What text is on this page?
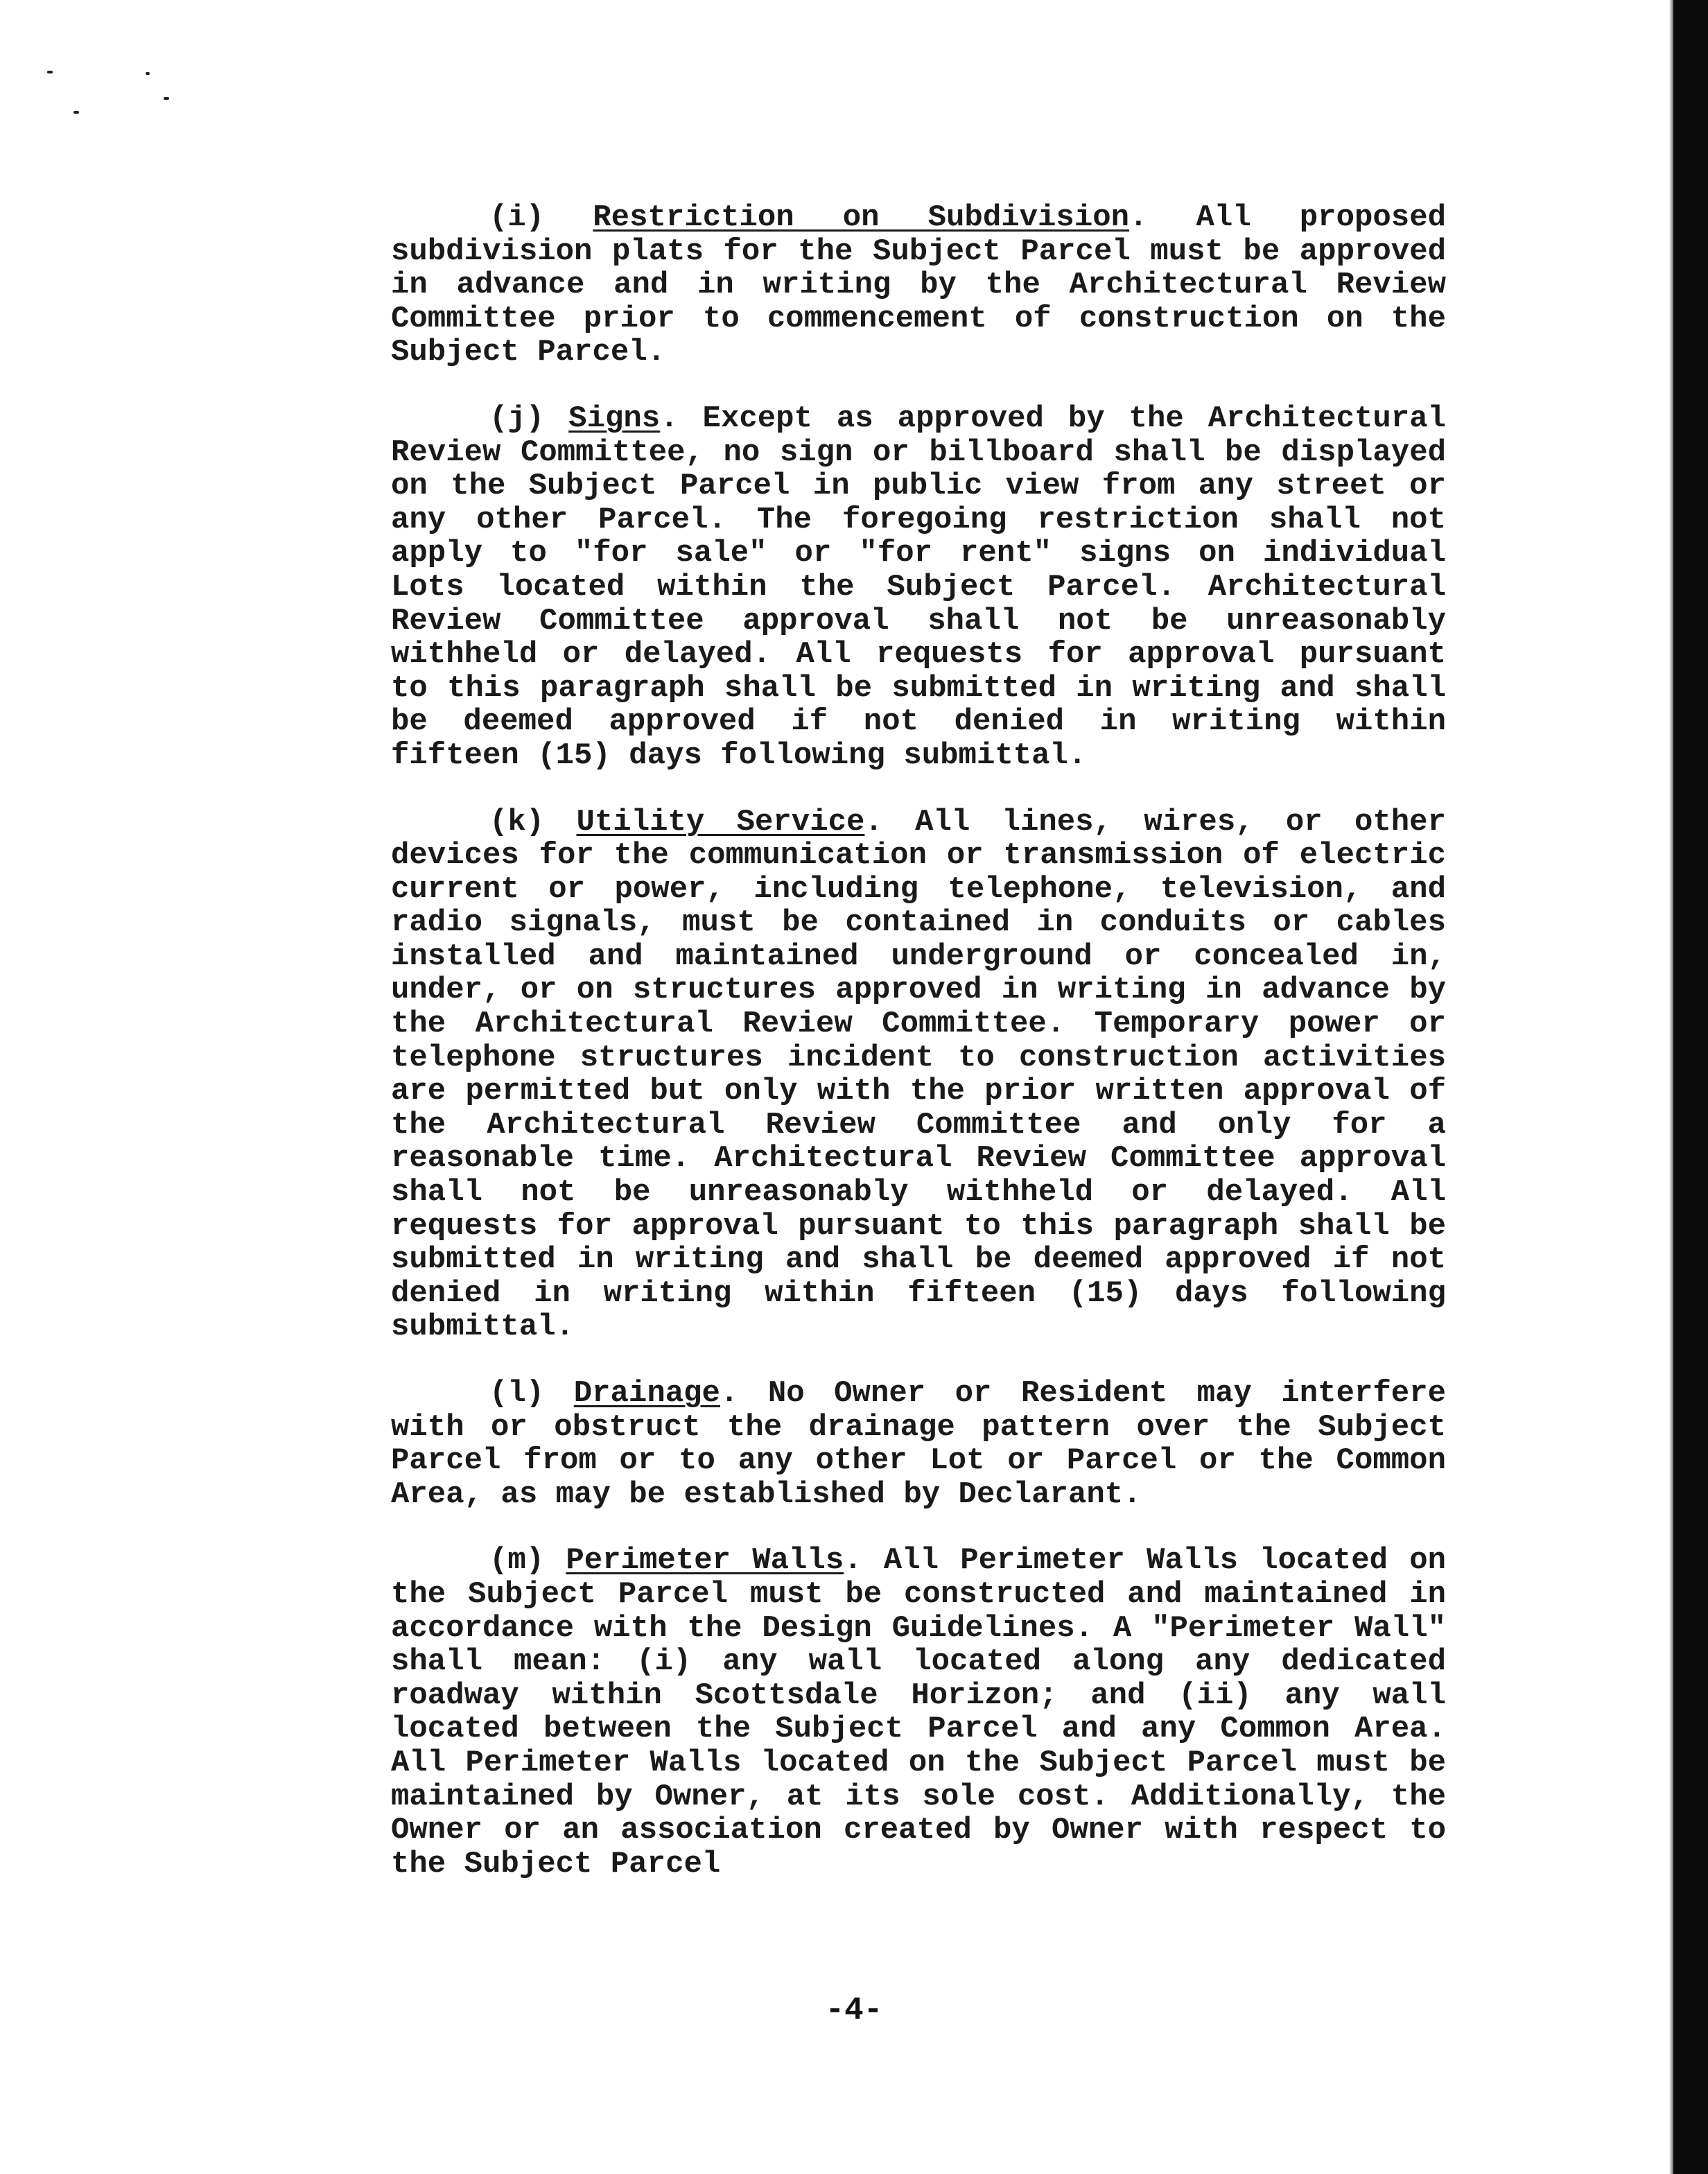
(i) Restriction on Subdivision. All proposed subdivision plats for the Subject Parcel must be approved in advance and in writing by the Architectural Review Committee prior to commencement of construction on the Subject Parcel.

(j) Signs. Except as approved by the Architectural Review Committee, no sign or billboard shall be displayed on the Subject Parcel in public view from any street or any other Parcel. The foregoing restriction shall not apply to "for sale" or "for rent" signs on individual Lots located within the Subject Parcel. Architectural Review Committee approval shall not be unreasonably withheld or delayed. All requests for approval pursuant to this paragraph shall be submitted in writing and shall be deemed approved if not denied in writing within fifteen (15) days following submittal.

(k) Utility Service. All lines, wires, or other devices for the communication or transmission of electric current or power, including telephone, television, and radio signals, must be contained in conduits or cables installed and maintained underground or concealed in, under, or on structures approved in writing in advance by the Architectural Review Committee. Temporary power or telephone structures incident to construction activities are permitted but only with the prior written approval of the Architectural Review Committee and only for a reasonable time. Architectural Review Committee approval shall not be unreasonably withheld or delayed. All requests for approval pursuant to this paragraph shall be submitted in writing and shall be deemed approved if not denied in writing within fifteen (15) days following submittal.

(l) Drainage. No Owner or Resident may interfere with or obstruct the drainage pattern over the Subject Parcel from or to any other Lot or Parcel or the Common Area, as may be established by Declarant.

(m) Perimeter Walls. All Perimeter Walls located on the Subject Parcel must be constructed and maintained in accordance with the Design Guidelines. A "Perimeter Wall" shall mean: (i) any wall located along any dedicated roadway within Scottsdale Horizon; and (ii) any wall located between the Subject Parcel and any Common Area. All Perimeter Walls located on the Subject Parcel must be maintained by Owner, at its sole cost. Additionally, the Owner or an association created by Owner with respect to the Subject Parcel

-4-
